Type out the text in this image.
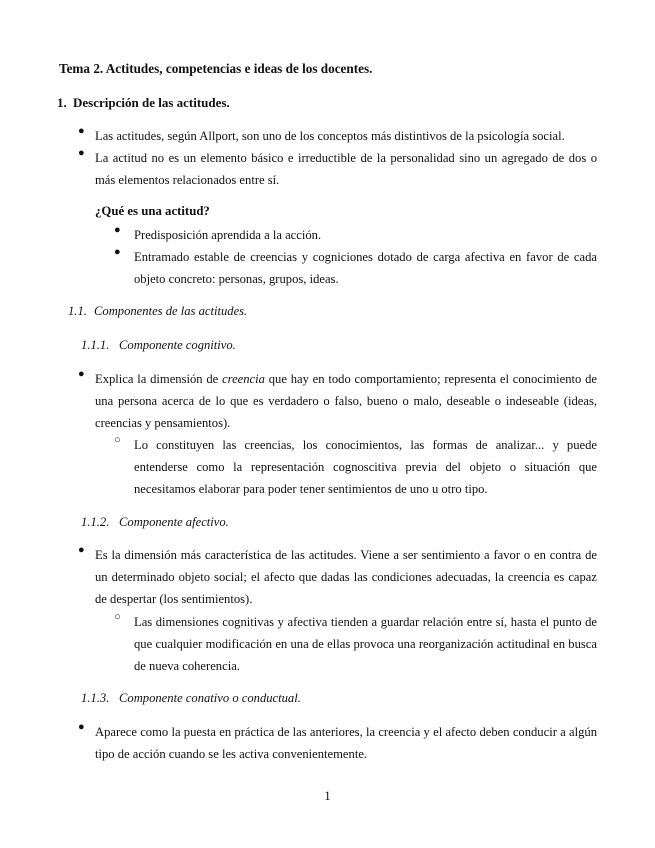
Tema 2. Actitudes, competencias e ideas de los docentes.
1. Descripción de las actitudes.
● Las actitudes, según Allport, son uno de los conceptos más distintivos de la psicología social.
● La actitud no es un elemento básico e irreductible de la personalidad sino un agregado de dos o más elementos relacionados entre sí.
¿Qué es una actitud?
● Predisposición aprendida a la acción.
● Entramado estable de creencias y cogniciones dotado de carga afectiva en favor de cada objeto concreto: personas, grupos, ideas.
1.1. Componentes de las actitudes.
1.1.1. Componente cognitivo.
● Explica la dimensión de creencia que hay en todo comportamiento; representa el conocimiento de una persona acerca de lo que es verdadero o falso, bueno o malo, deseable o indeseable (ideas, creencias y pensamientos).
○ Lo constituyen las creencias, los conocimientos, las formas de analizar... y puede entenderse como la representación cognoscitiva previa del objeto o situación que necesitamos elaborar para poder tener sentimientos de uno u otro tipo.
1.1.2. Componente afectivo.
● Es la dimensión más característica de las actitudes. Viene a ser sentimiento a favor o en contra de un determinado objeto social; el afecto que dadas las condiciones adecuadas, la creencia es capaz de despertar (los sentimientos).
○ Las dimensiones cognitivas y afectiva tienden a guardar relación entre sí, hasta el punto de que cualquier modificación en una de ellas provoca una reorganización actitudinal en busca de nueva coherencia.
1.1.3. Componente conativo o conductual.
● Aparece como la puesta en práctica de las anteriores, la creencia y el afecto deben conducir a algún tipo de acción cuando se les activa convenientemente.
1
